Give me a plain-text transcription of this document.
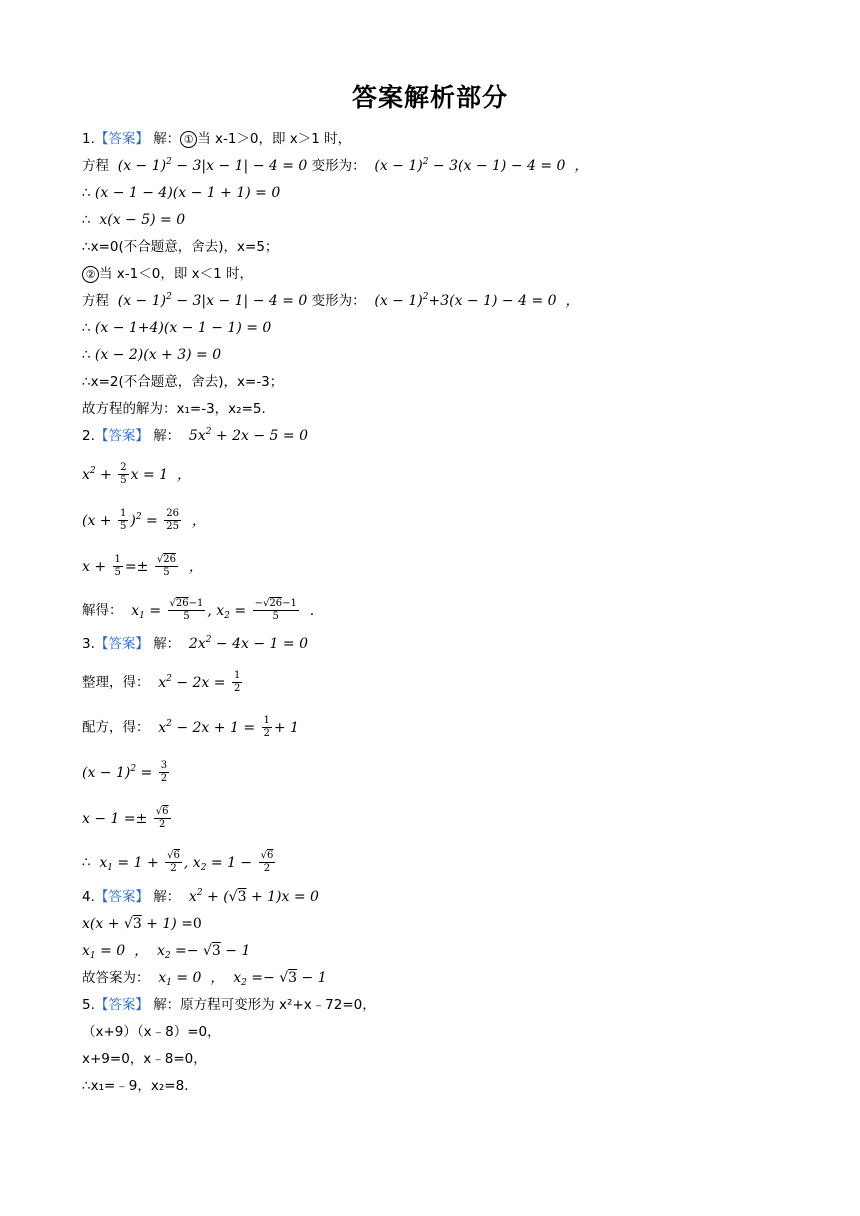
答案解析部分
1.【答案】 解： ① 当 x-1＞0，即 x＞1 时，
方程  $(x - 1)^2 - 3|x - 1| - 4 = 0$ 变形为：  $(x - 1)^2 - 3(x - 1) - 4 = 0$  ，
∴ (x − 1 − 4)(x − 1 + 1) = 0
∴  x(x − 5) = 0
∴x=0(不合题意，舍去)，x=5；
② 当 x-1＜0，即 x＜1 时，
方程  $(x - 1)^2 - 3|x - 1| - 4 = 0$ 变形为：  $(x - 1)^2+3(x - 1) - 4 = 0$  ，
∴ (x − 1+4)(x − 1 − 1) = 0
∴ (x − 2)(x + 3) = 0
∴x=2(不合题意，舍去)，x=-3；
故方程的解为：x₁=-3，x₂=5．
2.【答案】 解：  $5x^2 + 2x - 5 = 0$
$x^2 + \frac{2}{5}$ x = 1  ，
$(x + \frac{1}{5} )^2 = \frac{26}{25}$ ，
$x + \frac{1}{5} =\pm \frac{√26}{5}$ ，
解得：  $x_1 = \frac{√26-1}{5}$ , $x_2 = \frac{-√26-1}{5}$ .
3.【答案】 解：  $2x^2 - 4x - 1 = 0$
整理，得：  $x^2 - 2x = \frac{1}{2}$
配方，得：  $x^2 - 2x + 1 = \frac{1}{2} + 1$
$(x - 1)^2 = \frac{3}{2}$
$x - 1 =\pm \frac{√6}{2}$
∴  $x_1 = 1 + \frac{√6}{2}$ , $x_2 = 1 - \frac{√6}{2}$
4.【答案】 解：  $x^2 + (√3 + 1)x = 0$
x(x + √3 + 1) =0
$x_1 = 0$  ，  $x_2 =- √3 - 1$
故答案为：  $x_1 = 0$  ，  $x_2 =- √3 - 1$
5.【答案】 解：原方程可变形为 x²+x﹣72=0，
（x+9）（x﹣8）=0，
x+9=0，x﹣8=0，
∴x₁=﹣9，x₂=8．
